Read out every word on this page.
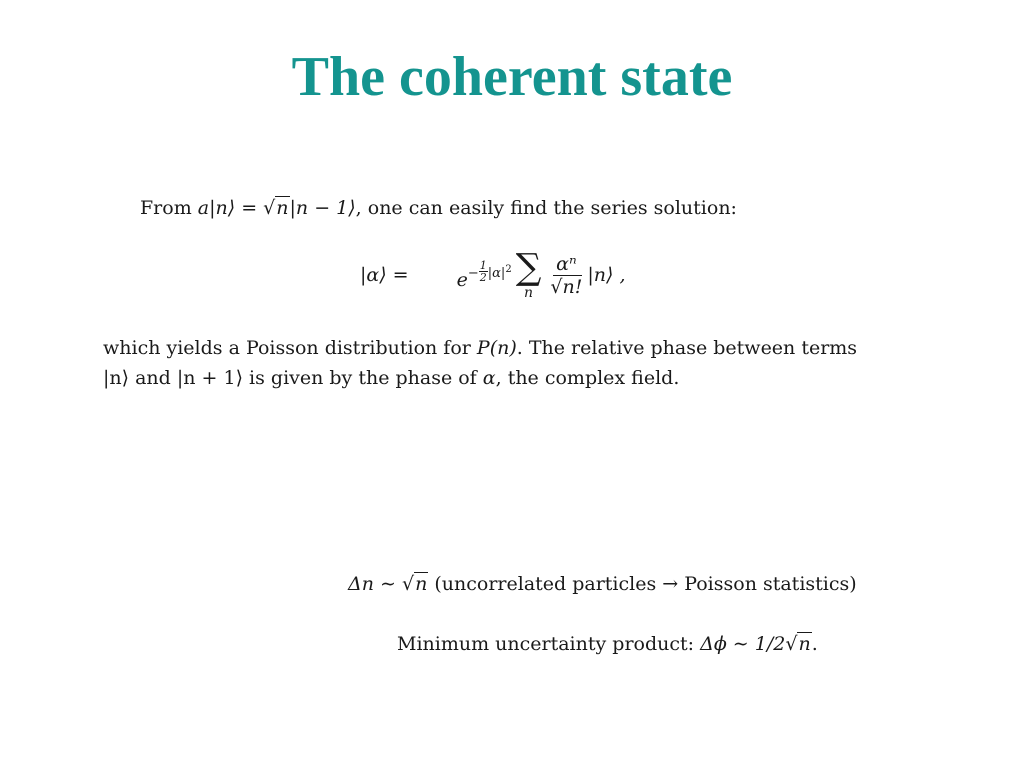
The coherent state
From a|n⟩ = √n|n − 1⟩, one can easily find the series solution:
|α⟩ =	$e^{- \frac{1}{2} |\alpha|^2}$ ∑
n $\frac{\text{αⁿ}}{√n!}$ |n⟩ ,
which yields a Poisson distribution for P(n). The relative phase between terms
|n⟩ and |n + 1⟩ is given by the phase of α, the complex field.
Δn ∼ √n (uncorrelated particles → Poisson statistics)
Minimum uncertainty product: Δϕ ∼ 1/2√n.
